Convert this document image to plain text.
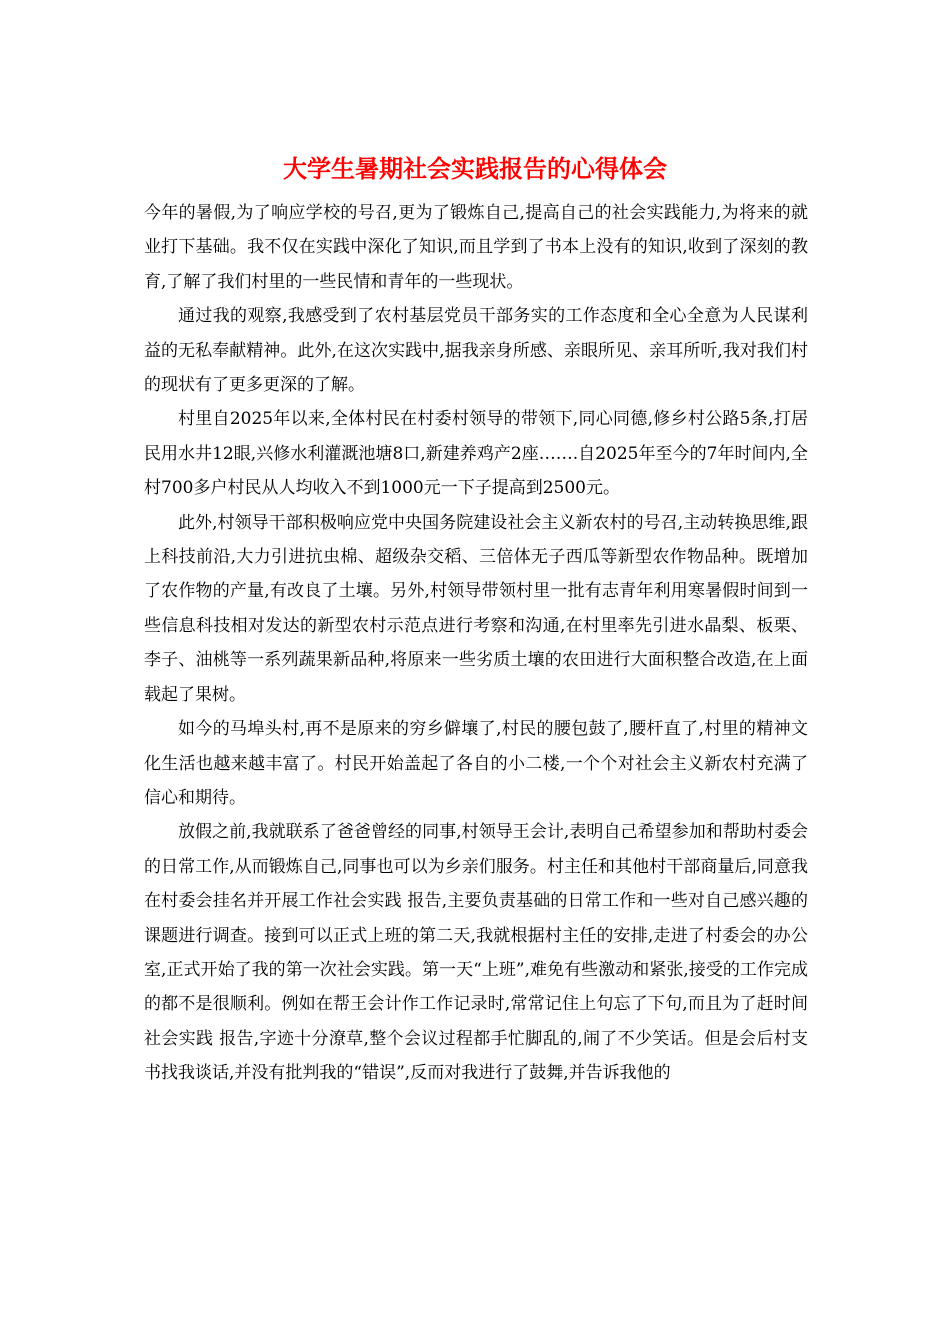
大学生暑期社会实践报告的心得体会

今年的暑假,为了响应学校的号召,更为了锻炼自己,提高自己的社会实践能力,为将来的就业打下基础。我不仅在实践中深化了知识,而且学到了书本上没有的知识,收到了深刻的教育,了解了我们村里的一些民情和青年的一些现状。

通过我的观察,我感受到了农村基层党员干部务实的工作态度和全心全意为人民谋利益的无私奉献精神。此外,在这次实践中,据我亲身所感、亲眼所见、亲耳所听,我对我们村的现状有了更多更深的了解。

村里自2025年以来,全体村民在村委村领导的带领下,同心同德,修乡村公路5条,打居民用水井12眼,兴修水利灌溉池塘8口,新建养鸡产2座…….自2025年至今的7年时间内,全村700多户村民从人均收入不到1000元一下子提高到2500元。

此外,村领导干部积极响应党中央国务院建设社会主义新农村的号召,主动转换思维,跟上科技前沿,大力引进抗虫棉、超级杂交稻、三倍体无子西瓜等新型农作物品种。既增加了农作物的产量,有改良了土壤。另外,村领导带领村里一批有志青年利用寒暑假时间到一些信息科技相对发达的新型农村示范点进行考察和沟通,在村里率先引进水晶梨、板栗、李子、油桃等一系列蔬果新品种,将原来一些劣质土壤的农田进行大面积整合改造,在上面载起了果树。

如今的马埠头村,再不是原来的穷乡僻壤了,村民的腰包鼓了,腰杆直了,村里的精神文化生活也越来越丰富了。村民开始盖起了各自的小二楼,一个个对社会主义新农村充满了信心和期待。

放假之前,我就联系了爸爸曾经的同事,村领导王会计,表明自己希望参加和帮助村委会的日常工作,从而锻炼自己,同事也可以为乡亲们服务。村主任和其他村干部商量后,同意我在村委会挂名并开展工作社会实践 报告,主要负责基础的日常工作和一些对自己感兴趣的课题进行调查。接到可以正式上班的第二天,我就根据村主任的安排,走进了村委会的办公室,正式开始了我的第一次社会实践。第一天“上班”,难免有些激动和紧张,接受的工作完成的都不是很顺利。例如在帮王会计作工作记录时,常常记住上句忘了下句,而且为了赶时间社会实践 报告,字迹十分潦草,整个会议过程都手忙脚乱的,闹了不少笑话。但是会后村支书找我谈话,并没有批判我的“错误”,反而对我进行了鼓舞,并告诉我他的
